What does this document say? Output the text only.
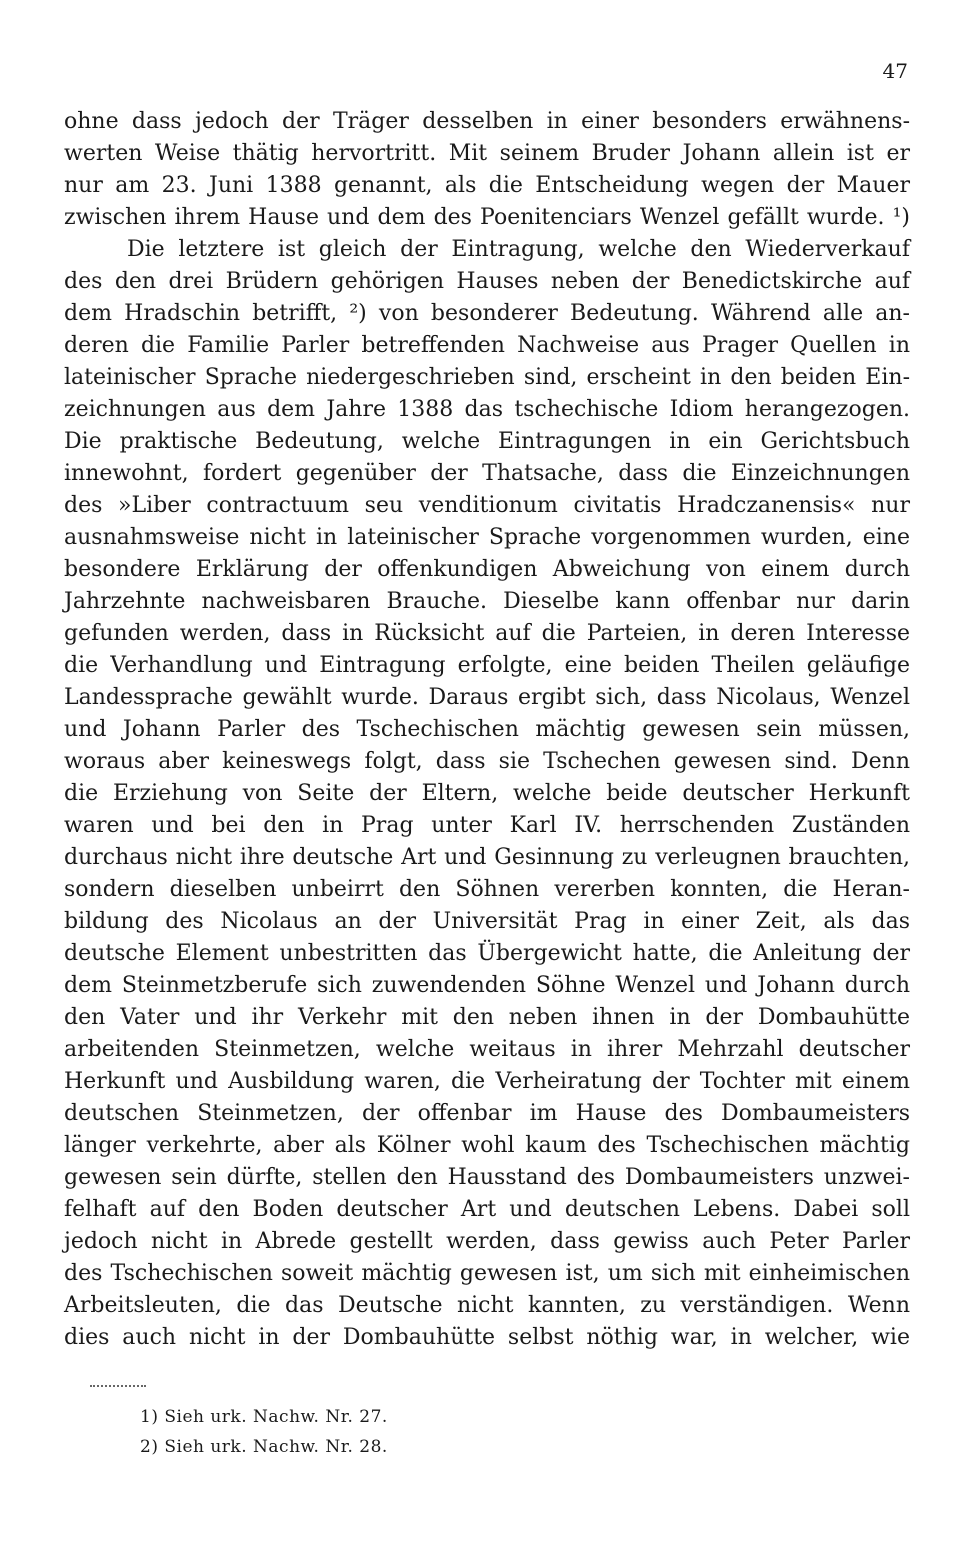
47
ohne dass jedoch der Träger desselben in einer besonders erwähnens-
werten Weise thätig hervortritt. Mit seinem Bruder Johann allein ist er
nur am 23. Juni 1388 genannt, als die Entscheidung wegen der Mauer
zwischen ihrem Hause und dem des Poenitenciars Wenzel gefällt wurde. ¹)
Die letztere ist gleich der Eintragung, welche den Wiederverkauf
des den drei Brüdern gehörigen Hauses neben der Benedictskirche auf
dem Hradschin betrifft, ²) von besonderer Bedeutung. Während alle an-
deren die Familie Parler betreffenden Nachweise aus Prager Quellen in
lateinischer Sprache niedergeschrieben sind, erscheint in den beiden Ein-
zeichnungen aus dem Jahre 1388 das tschechische Idiom herangezogen.
Die praktische Bedeutung, welche Eintragungen in ein Gerichtsbuch
innewohnt, fordert gegenüber der Thatsache, dass die Einzeichnungen
des »Liber contractuum seu venditionum civitatis Hradczanensis« nur
ausnahmsweise nicht in lateinischer Sprache vorgenommen wurden, eine
besondere Erklärung der offenkundigen Abweichung von einem durch
Jahrzehnte nachweisbaren Brauche. Dieselbe kann offenbar nur darin
gefunden werden, dass in Rücksicht auf die Parteien, in deren Interesse
die Verhandlung und Eintragung erfolgte, eine beiden Theilen geläufige
Landessprache gewählt wurde. Daraus ergibt sich, dass Nicolaus, Wenzel
und Johann Parler des Tschechischen mächtig gewesen sein müssen,
woraus aber keineswegs folgt, dass sie Tschechen gewesen sind. Denn
die Erziehung von Seite der Eltern, welche beide deutscher Herkunft
waren und bei den in Prag unter Karl IV. herrschenden Zuständen
durchaus nicht ihre deutsche Art und Gesinnung zu verleugnen brauchten,
sondern dieselben unbeirrt den Söhnen vererben konnten, die Heran-
bildung des Nicolaus an der Universität Prag in einer Zeit, als das
deutsche Element unbestritten das Übergewicht hatte, die Anleitung der
dem Steinmetzberufe sich zuwendenden Söhne Wenzel und Johann durch
den Vater und ihr Verkehr mit den neben ihnen in der Dombauhütte
arbeitenden Steinmetzen, welche weitaus in ihrer Mehrzahl deutscher
Herkunft und Ausbildung waren, die Verheiratung der Tochter mit einem
deutschen Steinmetzen, der offenbar im Hause des Dombaumeisters
länger verkehrte, aber als Kölner wohl kaum des Tschechischen mächtig
gewesen sein dürfte, stellen den Hausstand des Dombaumeisters unzwei-
felhaft auf den Boden deutscher Art und deutschen Lebens. Dabei soll
jedoch nicht in Abrede gestellt werden, dass gewiss auch Peter Parler
des Tschechischen soweit mächtig gewesen ist, um sich mit einheimischen
Arbeitsleuten, die das Deutsche nicht kannten, zu verständigen. Wenn
dies auch nicht in der Dombauhütte selbst nöthig war, in welcher, wie
1) Sieh urk. Nachw. Nr. 27.
2) Sieh urk. Nachw. Nr. 28.
